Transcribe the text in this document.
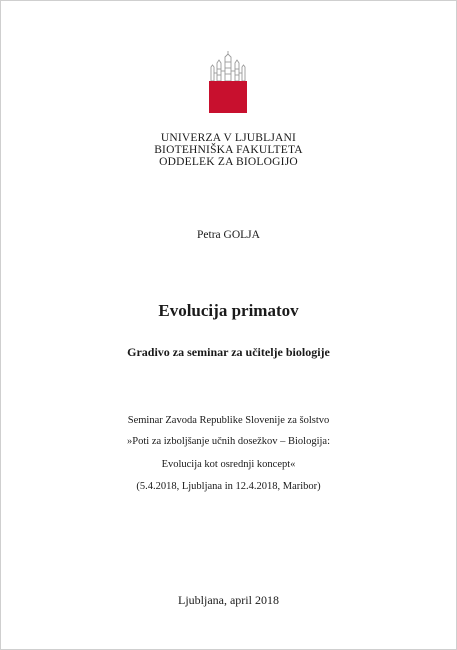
UNIVERZA V LJUBLJANI
BIOTEHNIŠKA FAKULTETA
ODDELEK ZA BIOLOGIJO
Petra GOLJA
Evolucija primatov
Gradivo za seminar za učitelje biologije
Seminar Zavoda Republike Slovenije za šolstvo
»Poti za izboljšanje učnih dosežkov – Biologija:
Evolucija kot osrednji koncept«
(5.4.2018, Ljubljana in 12.4.2018, Maribor)
Ljubljana, april 2018
